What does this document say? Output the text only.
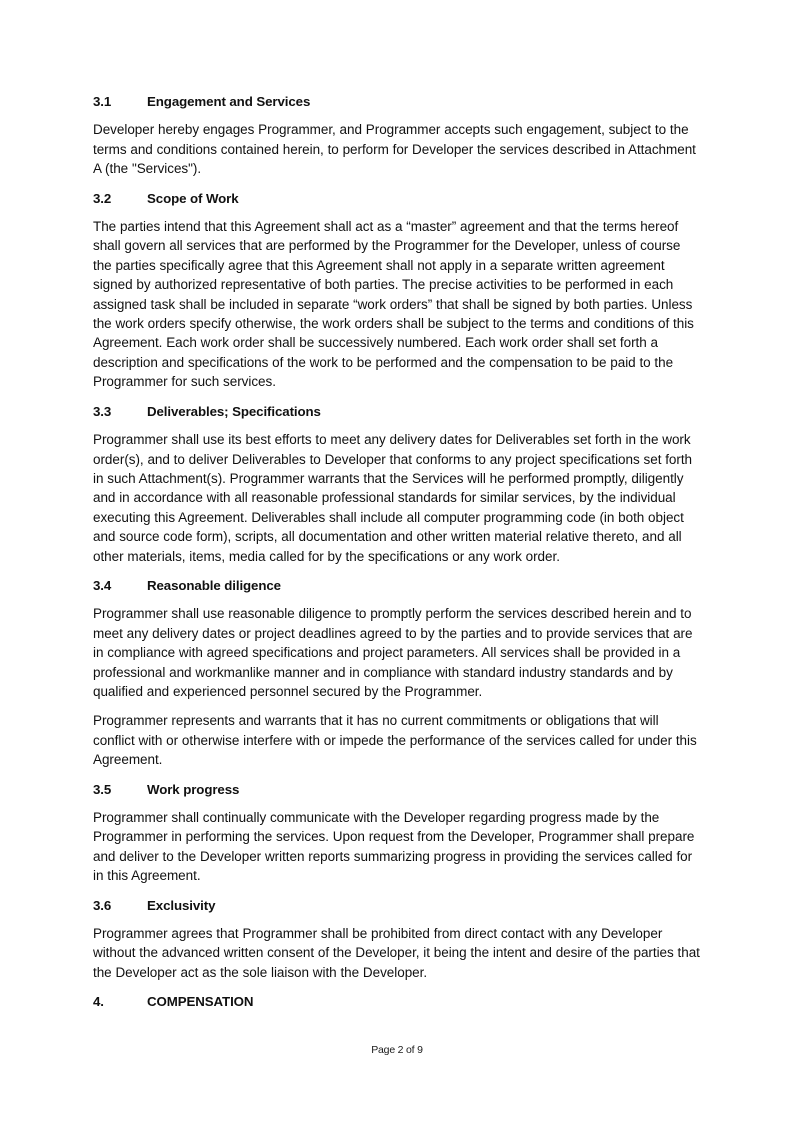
3.1	Engagement and Services

Developer hereby engages Programmer, and Programmer accepts such engagement, subject to the terms and conditions contained herein, to perform for Developer the services described in Attachment A (the "Services").

3.2	Scope of Work

The parties intend that this Agreement shall act as a “master” agreement and that the terms hereof shall govern all services that are performed by the Programmer for the Developer, unless of course the parties specifically agree that this Agreement shall not apply in a separate written agreement signed by authorized representative of both parties. The precise activities to be performed in each assigned task shall be included in separate “work orders” that shall be signed by both parties. Unless the work orders specify otherwise, the work orders shall be subject to the terms and conditions of this Agreement. Each work order shall be successively numbered. Each work order shall set forth a description and specifications of the work to be performed and the compensation to be paid to the Programmer for such services.

3.3	Deliverables; Specifications

Programmer shall use its best efforts to meet any delivery dates for Deliverables set forth in the work order(s), and to deliver Deliverables to Developer that conforms to any project specifications set forth in such Attachment(s). Programmer warrants that the Services will he performed promptly, diligently and in accordance with all reasonable professional standards for similar services, by the individual executing this Agreement. Deliverables shall include all computer programming code (in both object and source code form), scripts, all documentation and other written material relative thereto, and all other materials, items, media called for by the specifications or any work order.

3.4	Reasonable diligence

Programmer shall use reasonable diligence to promptly perform the services described herein and to meet any delivery dates or project deadlines agreed to by the parties and to provide services that are in compliance with agreed specifications and project parameters. All services shall be provided in a professional and workmanlike manner and in compliance with standard industry standards and by qualified and experienced personnel secured by the Programmer.

Programmer represents and warrants that it has no current commitments or obligations that will conflict with or otherwise interfere with or impede the performance of the services called for under this Agreement.

3.5	Work progress

Programmer shall continually communicate with the Developer regarding progress made by the Programmer in performing the services. Upon request from the Developer, Programmer shall prepare and deliver to the Developer written reports summarizing progress in providing the services called for in this Agreement.

3.6	Exclusivity

Programmer agrees that Programmer shall be prohibited from direct contact with any Developer without the advanced written consent of the Developer, it being the intent and desire of the parties that the Developer act as the sole liaison with the Developer.

4.	COMPENSATION
Page 2 of 9
